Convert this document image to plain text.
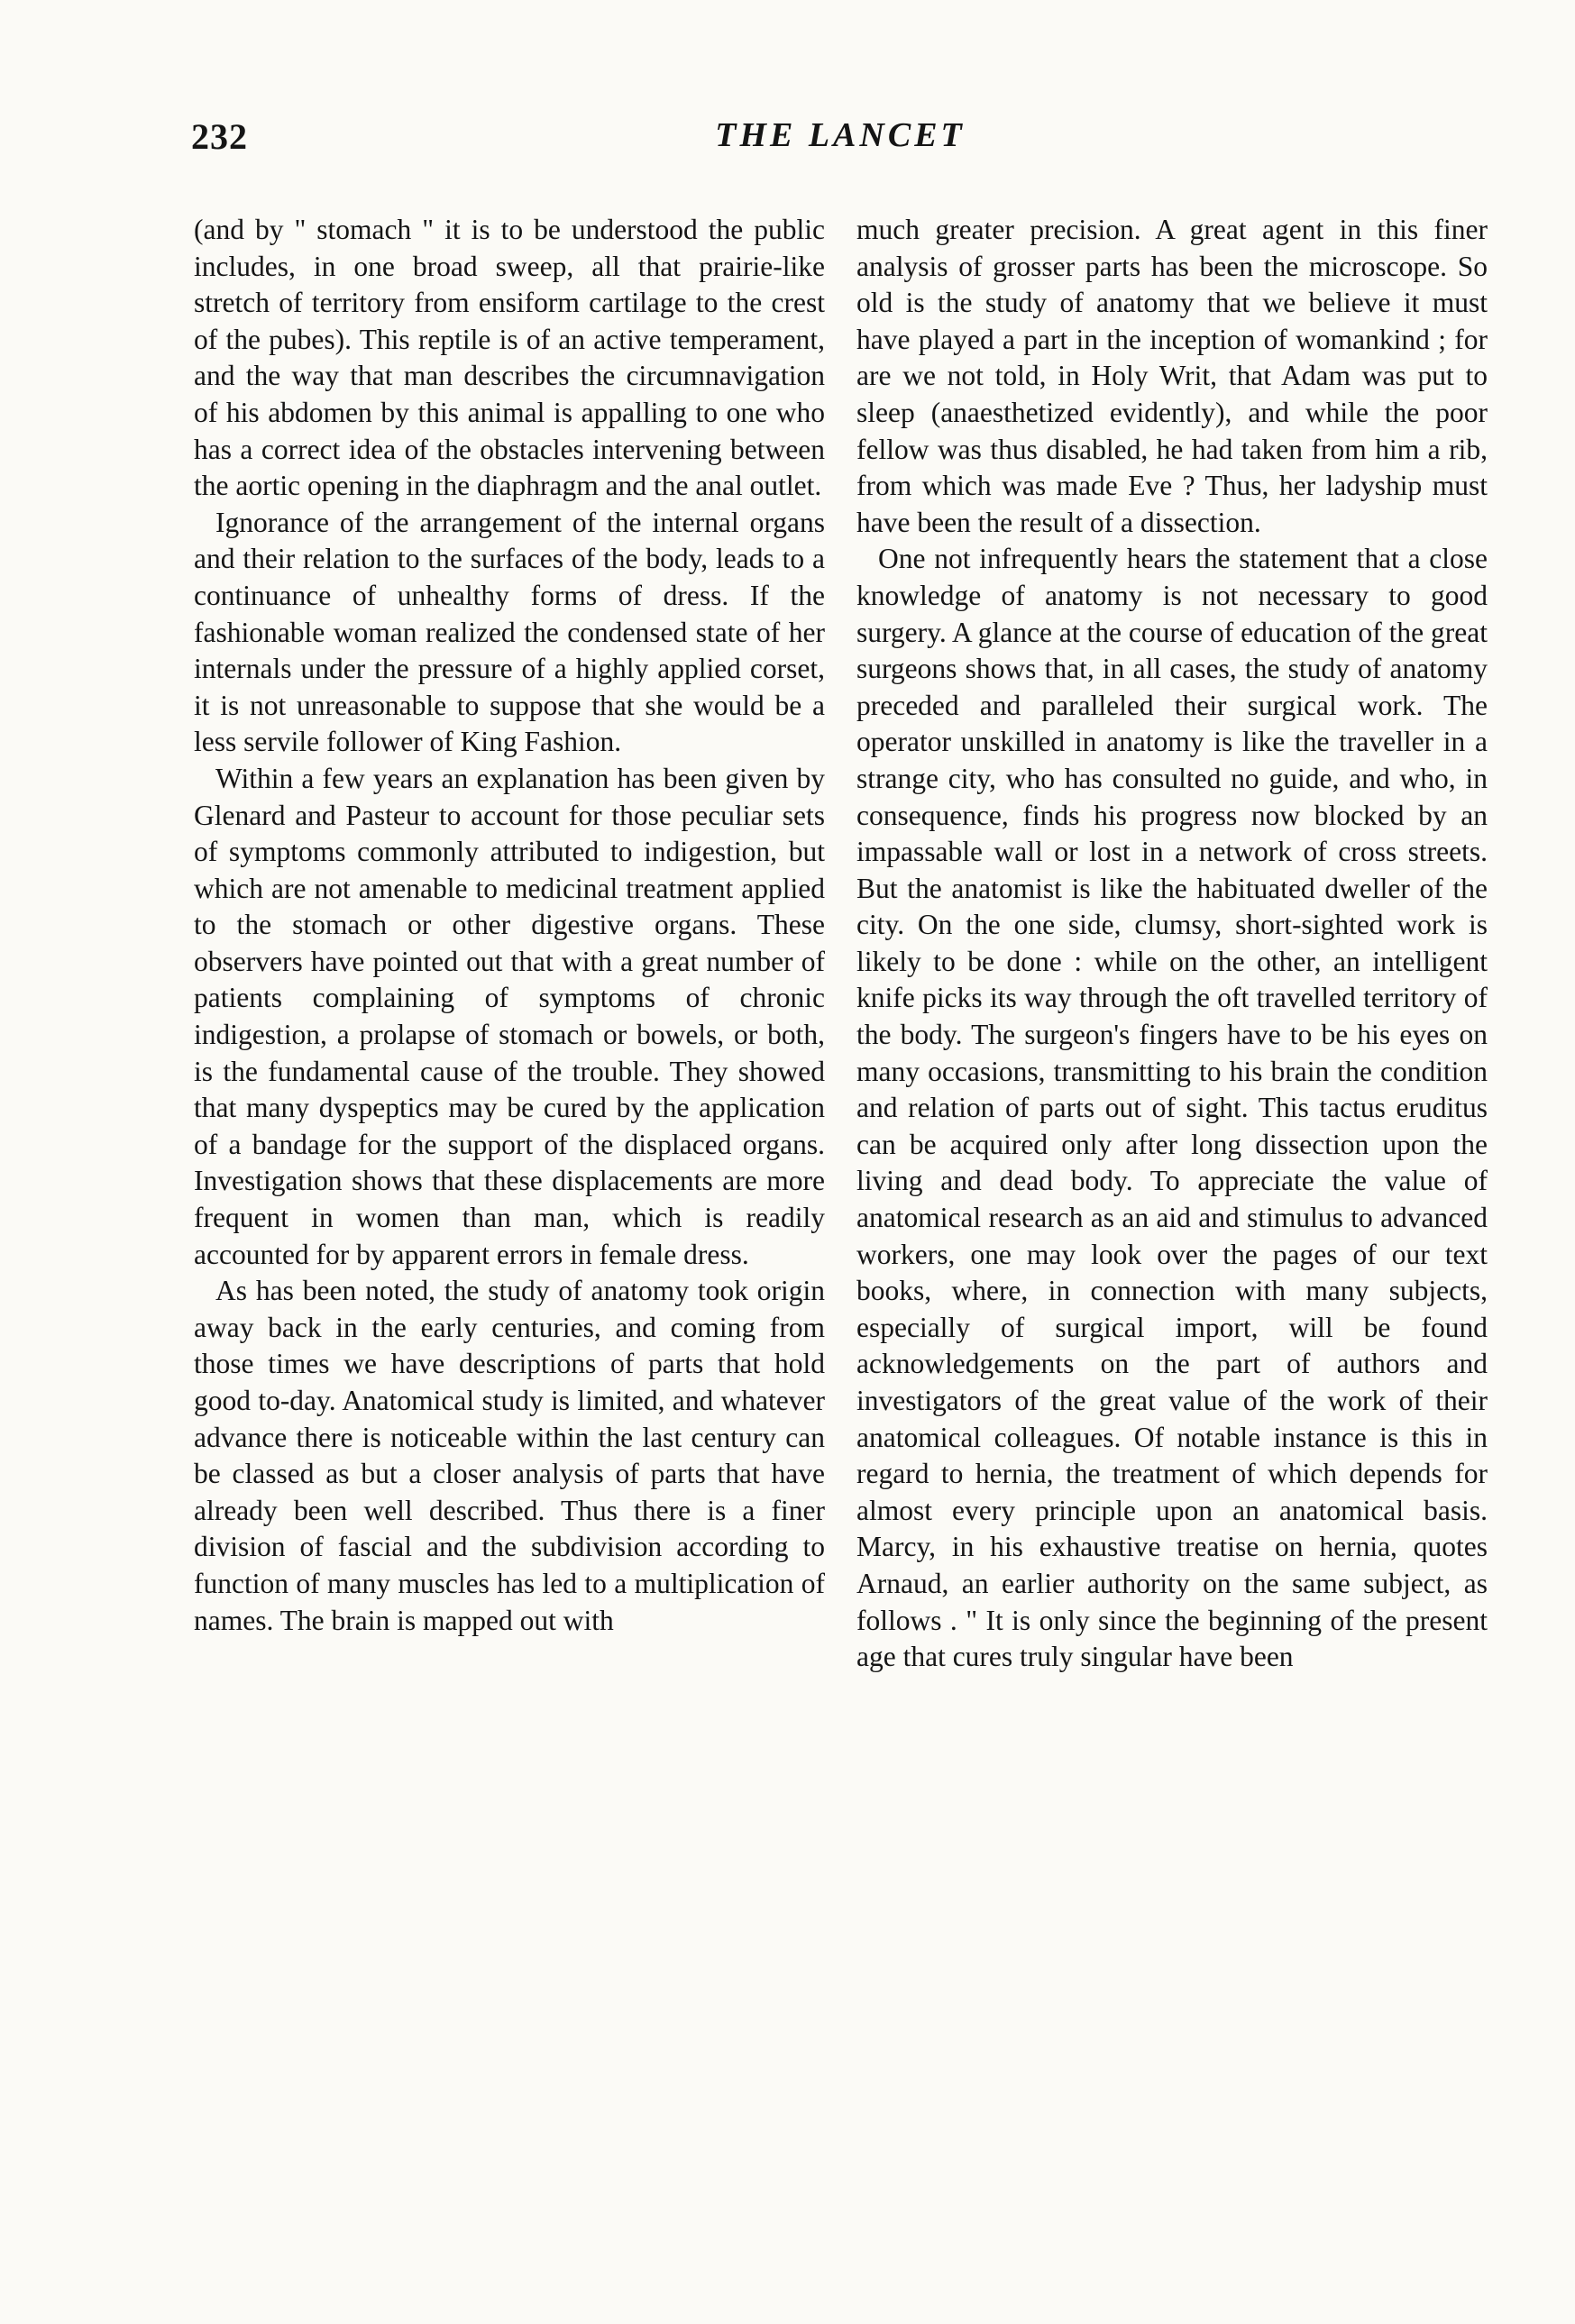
232	THE LANCET

(and by " stomach " it is to be understood the public includes, in one broad sweep, all that prairie-like stretch of territory from ensiform cartilage to the crest of the pubes). This reptile is of an active temperament, and the way that man describes the circumnavigation of his abdomen by this animal is appalling to one who has a correct idea of the obstacles intervening between the aortic opening in the diaphragm and the anal outlet.

Ignorance of the arrangement of the internal organs and their relation to the surfaces of the body, leads to a continuance of unhealthy forms of dress. If the fashionable woman realized the condensed state of her internals under the pressure of a highly applied corset, it is not unreasonable to suppose that she would be a less servile follower of King Fashion.

Within a few years an explanation has been given by Glenard and Pasteur to account for those peculiar sets of symptoms commonly attributed to indigestion, but which are not amenable to medicinal treatment applied to the stomach or other digestive organs. These observers have pointed out that with a great number of patients complaining of symptoms of chronic indigestion, a prolapse of stomach or bowels, or both, is the fundamental cause of the trouble. They showed that many dyspeptics may be cured by the application of a bandage for the support of the displaced organs. Investigation shows that these displacements are more frequent in women than man, which is readily accounted for by apparent errors in female dress.

As has been noted, the study of anatomy took origin away back in the early centuries, and coming from those times we have descriptions of parts that hold good to-day. Anatomical study is limited, and whatever advance there is noticeable within the last century can be classed as but a closer analysis of parts that have already been well described. Thus there is a finer division of fascial and the subdivision according to function of many muscles has led to a multiplication of names. The brain is mapped out with

much greater precision. A great agent in this finer analysis of grosser parts has been the microscope. So old is the study of anatomy that we believe it must have played a part in the inception of womankind ; for are we not told, in Holy Writ, that Adam was put to sleep (anaesthetized evidently), and while the poor fellow was thus disabled, he had taken from him a rib, from which was made Eve ? Thus, her ladyship must have been the result of a dissection.

One not infrequently hears the statement that a close knowledge of anatomy is not necessary to good surgery. A glance at the course of education of the great surgeons shows that, in all cases, the study of anatomy preceded and paralleled their surgical work. The operator unskilled in anatomy is like the traveller in a strange city, who has consulted no guide, and who, in consequence, finds his progress now blocked by an impassable wall or lost in a network of cross streets. But the anatomist is like the habituated dweller of the city. On the one side, clumsy, short-sighted work is likely to be done : while on the other, an intelligent knife picks its way through the oft travelled territory of the body. The surgeon's fingers have to be his eyes on many occasions, transmitting to his brain the condition and relation of parts out of sight. This tactus eruditus can be acquired only after long dissection upon the living and dead body. To appreciate the value of anatomical research as an aid and stimulus to advanced workers, one may look over the pages of our text books, where, in connection with many subjects, especially of surgical import, will be found acknowledgements on the part of authors and investigators of the great value of the work of their anatomical colleagues. Of notable instance is this in regard to hernia, the treatment of which depends for almost every principle upon an anatomical basis. Marcy, in his exhaustive treatise on hernia, quotes Arnaud, an earlier authority on the same subject, as follows . " It is only since the beginning of the present age that cures truly singular have been
